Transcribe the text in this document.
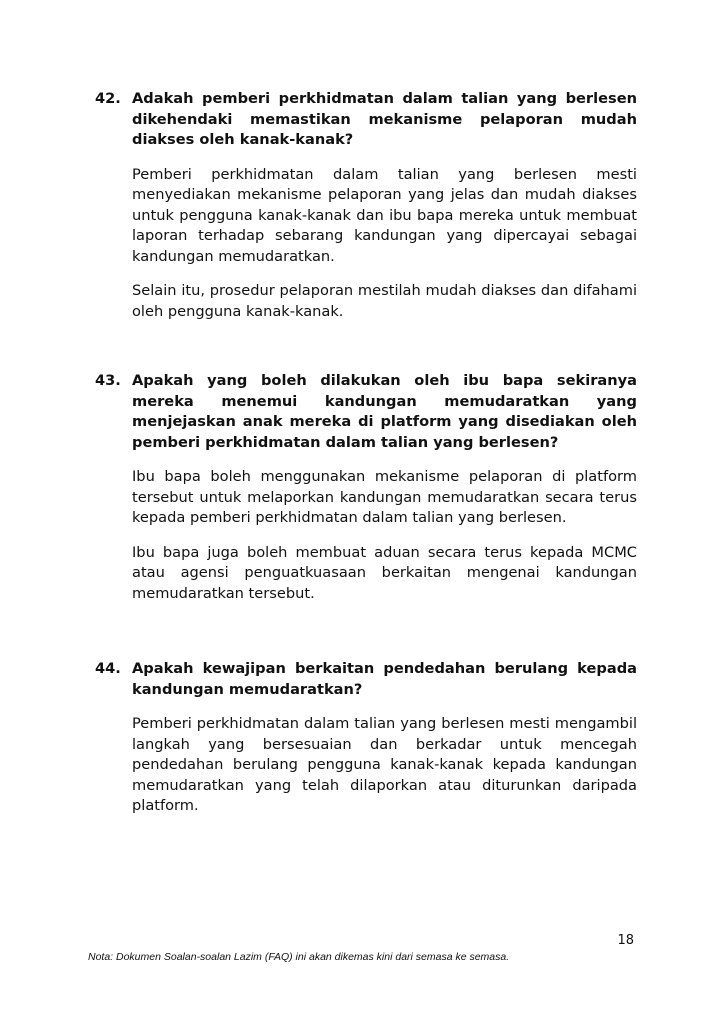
42. Adakah pemberi perkhidmatan dalam talian yang berlesen dikehendaki memastikan mekanisme pelaporan mudah diakses oleh kanak-kanak?
Pemberi perkhidmatan dalam talian yang berlesen mesti menyediakan mekanisme pelaporan yang jelas dan mudah diakses untuk pengguna kanak-kanak dan ibu bapa mereka untuk membuat laporan terhadap sebarang kandungan yang dipercayai sebagai kandungan memudaratkan.
Selain itu, prosedur pelaporan mestilah mudah diakses dan difahami oleh pengguna kanak-kanak.
43. Apakah yang boleh dilakukan oleh ibu bapa sekiranya mereka menemui kandungan memudaratkan yang menjejaskan anak mereka di platform yang disediakan oleh pemberi perkhidmatan dalam talian yang berlesen?
Ibu bapa boleh menggunakan mekanisme pelaporan di platform tersebut untuk melaporkan kandungan memudaratkan secara terus kepada pemberi perkhidmatan dalam talian yang berlesen.
Ibu bapa juga boleh membuat aduan secara terus kepada MCMC atau agensi penguatkuasaan berkaitan mengenai kandungan memudaratkan tersebut.
44. Apakah kewajipan berkaitan pendedahan berulang kepada kandungan memudaratkan?
Pemberi perkhidmatan dalam talian yang berlesen mesti mengambil langkah yang bersesuaian dan berkadar untuk mencegah pendedahan berulang pengguna kanak-kanak kepada kandungan memudaratkan yang telah dilaporkan atau diturunkan daripada platform.
18
Nota: Dokumen Soalan-soalan Lazim (FAQ) ini akan dikemas kini dari semasa ke semasa.
